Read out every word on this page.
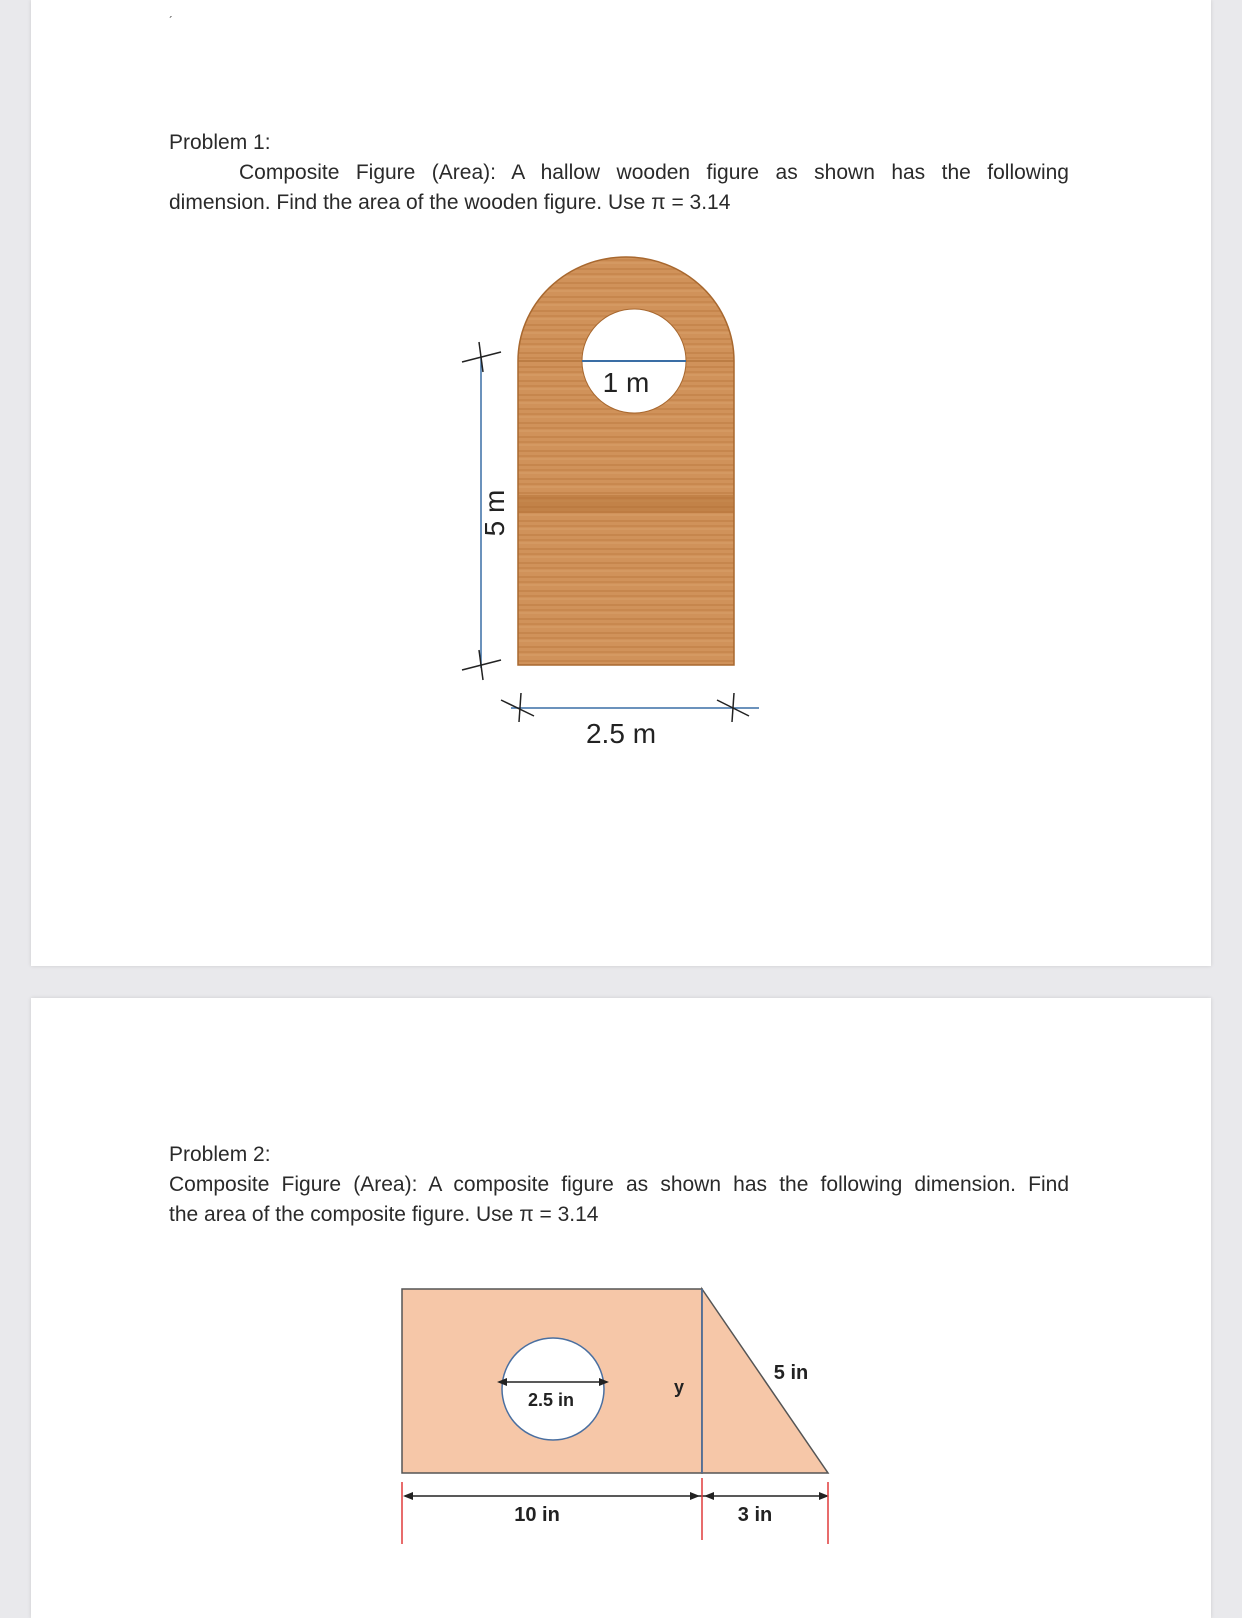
ˏ

Problem 1:

Composite Figure (Area): A hallow wooden figure as shown has the following

dimension. Find the area of the wooden figure. Use π = 3.14

1 m
5 m
2.5 m

Problem 2:

Composite Figure (Area): A composite figure as shown has the following dimension. Find

the area of the composite figure. Use π = 3.14

2.5 in
y
5 in
10 in	3 in
